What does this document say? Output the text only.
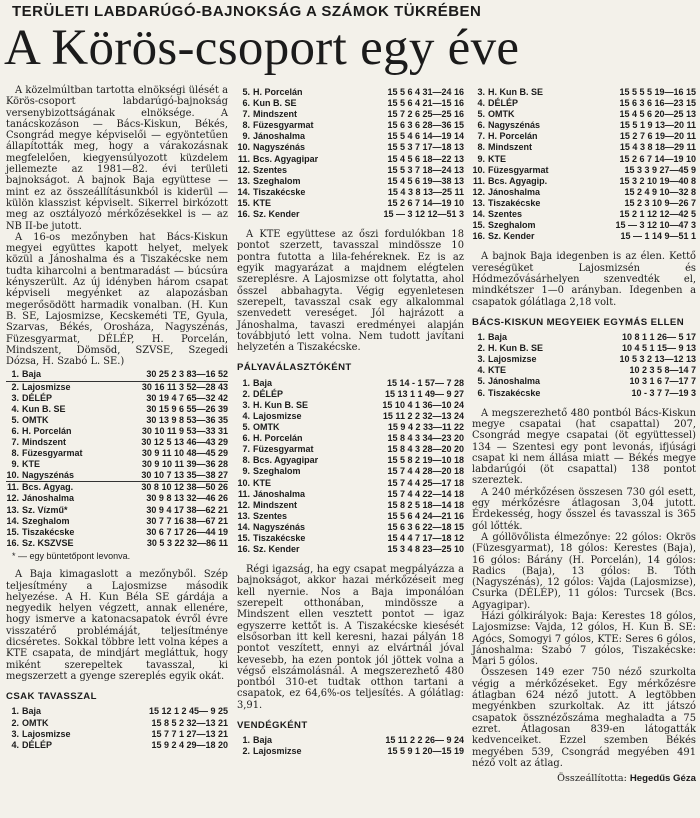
TERÜLETI LABDARÚGÓ-BAJNOKSÁG A SZÁMOK TÜKRÉBEN
A Körös-csoport egy éve

A közelmúltban tartotta elnökségi ülését a Körös-csoport labdarúgó-bajnokság versenybizottságának elnöksége. A tanácskozáson — Bács-Kiskun, Békés, Csongrád megye képviselői — egyöntetűen állapították meg, hogy a várakozásnak megfelelően, kiegyensúlyozott küzdelem jellemezte az 1981—82. évi területi bajnokságot. A bajnok Baja együttese — mint ez az összeállításunkból is kiderül — külön klasszist képviselt. Sikerrel birkózott meg az osztályozó mérkőzésekkel is — az NB II-be jutott.

A 16-os mezőnyben hat Bács-Kiskun megyei együttes kapott helyet, melyek közül a Jánoshalma és a Tiszakécske nem tudta kiharcolni a bentmaradást — búcsúra kényszerült. Az új idényben három csapat képviseli megyénket az alapozásban megerősödött harmadik vonalban. (H. Kun B. SE, Lajosmizse, Kecskeméti TE, Gyula, Szarvas, Békés, Orosháza, Nagyszénás, Füzesgyarmat, DÉLÉP, H. Porcelán, Mindszent, Dömsöd, SZVSE, Szegedi Dózsa, H. Szabó L. SE.)

1.	Baja	30 25 2 3 83—16 52
2.	Lajosmizse	30 16 11 3 52—28 43
3.	DÉLÉP	30 19 4 7 65—32 42
4.	Kun B. SE	30 15 9 6 55—26 39
5.	OMTK	30 13 9 8 53—36 35
6.	H. Porcelán	30 10 11 9 53—33 31
7.	Mindszent	30 12 5 13 46—43 29
8.	Füzesgyarmat	30 9 11 10 48—45 29
9.	KTE	30 9 10 11 39—36 28
10.	Nagyszénás	30 10 7 13 35—38 27
11.	Bcs. Agyag.	30 8 10 12 38—50 26
12.	Jánoshalma	30 9 8 13 32—46 26
13.	Sz. Vízmű*	30 9 4 17 38—62 21
14.	Szeghalom	30 7 7 16 38—67 21
15.	Tiszakécske	30 6 7 17 26—44 19
16.	Sz. KSZVSE	30 5 3 22 32—86 11
* — egy büntetőpont levonva.

A Baja kimagaslott a mezőnyből. Szép teljesítmény a Lajosmizse második helyezése. A H. Kun Béla SE gárdája a negyedik helyen végzett, annak ellenére, hogy ismerve a katonacsapatok évről évre visszatérő problémáját, teljesítménye dicséretes. Sokkal többre lett volna képes a KTE csapata, de mindjárt megláttuk, hogy miként szerepeltek tavasszal, ki megszerzett a gyenge szereplés egyik okát.

CSAK TAVASSZAL
1.	Baja	15 12 1 2 45— 9 25
2.	OMTK	15 8 5 2 32—13 21
3.	Lajosmizse	15 7 7 1 27—13 21
4.	DÉLÉP	15 9 2 4 29—18 20
5.	H. Porcelán	15 5 6 4 31—24 16
6.	Kun B. SE	15 5 6 4 21—15 16
7.	Mindszent	15 7 2 6 25—25 16
8.	Füzesgyarmat	15 6 3 6 28—36 15
9.	Jánoshalma	15 5 4 6 14—19 14
10.	Nagyszénás	15 5 3 7 17—18 13
11.	Bcs. Agyagipar	15 4 5 6 18—22 13
12.	Szentes	15 5 3 7 18—24 13
13.	Szeghalom	15 4 5 6 19—38 13
14.	Tiszakécske	15 4 3 8 13—25 11
15.	KTE	15 2 6 7 14—19 10
16.	Sz. Kender	15 — 3 12 12—51 3

A KTE együttese az őszi fordulókban 18 pontot szerzett, tavasszal mindössze 10 pontra futotta a lila-fehéreknek. Ez is az egyik magyarázat a majdnem elégtelen szereplésre. A Lajosmizse ott folytatta, ahol ősszel abbahagyta. Végig egyenletesen szerepelt, tavasszal csak egy alkalommal szenvedett vereséget. Jól hajrázott a Jánoshalma, tavaszi eredményei alapján továbbjutó lett volna. Nem tudott javítani helyzetén a Tiszakécske.

PÁLYAVÁLASZTÓKÉNT
1.	Baja	15 14 - 1 57— 7 28
2.	DÉLÉP	15 13 1 1 49— 9 27
3.	H. Kun B. SE	15 10 4 1 36—10 24
4.	Lajosmizse	15 11 2 2 32—13 24
5.	OMTK	15 9 4 2 33—11 22
6.	H. Porcelán	15 8 4 3 34—23 20
7.	Füzesgyarmat	15 8 4 3 28—20 20
8.	Bcs. Agyagipar	15 5 8 2 19—10 18
9.	Szeghalom	15 7 4 4 28—20 18
10.	KTE	15 7 4 4 25—17 18
11.	Jánoshalma	15 7 4 4 22—14 18
12.	Mindszent	15 8 2 5 18—14 18
13.	Szentes	15 5 6 4 24—21 16
14.	Nagyszénás	15 6 3 6 22—18 15
15.	Tiszakécske	15 4 4 7 17—18 12
16.	Sz. Kender	15 3 4 8 23—25 10

Régi igazság, ha egy csapat megpályázza a bajnokságot, akkor hazai mérkőzéseit meg kell nyernie. Nos a Baja imponálóan szerepelt otthonában, mindössze a Mindszent ellen vesztett pontot — igaz egyszerre kettőt is. A Tiszakécske kiesését elsősorban itt kell keresni, hazai pályán 18 pontot veszített, ennyi az elvártnál jóval kevesebb, ha ezen pontok jól jöttek volna a végső elszámolásnál. A megszerezhető 480 pontból 310-et tudtak otthon tartani a csapatok, ez 64,6%-os teljesítés. A gólátlag: 3,91.

VENDÉGKÉNT
1.	Baja	15 11 2 2 26— 9 24
2.	Lajosmizse	15 5 9 1 20—15 19
3.	H. Kun B. SE	15 5 5 5 19—16 15
4.	DÉLÉP	15 6 3 6 16—23 15
5.	OMTK	15 4 5 6 20—25 13
6.	Nagyszénás	15 5 1 9 13—20 11
7.	H. Porcelán	15 2 7 6 19—20 11
8.	Mindszent	15 4 3 8 18—29 11
9.	KTE	15 2 6 7 14—19 10
10.	Füzesgyarmat	15 3 3 9 27—45 9
11.	Bcs. Agyagip.	15 3 2 10 19—40 8
12.	Jánoshalma	15 2 4 9 10—32 8
13.	Tiszakécske	15 2 3 10 9—26 7
14.	Szentes	15 2 1 12 12—42 5
15.	Szeghalom	15 — 3 12 10—47 3
16.	Sz. Kender	15 — 1 14 9—51 1

A bajnok Baja idegenben is az élen. Kettő vereségüket Lajosmizsén és Hódmezővásárhelyen szenvedték el, mindkétszer 1—0 arányban. Idegenben a csapatok gólátlaga 2,18 volt.

BÁCS-KISKUN MEGYEIEK EGYMÁS ELLEN
1.	Baja	10 8 1 1 26— 5 17
2.	H. Kun B. SE	10 4 5 1 15— 9 13
3.	Lajosmizse	10 5 3 2 13—12 13
4.	KTE	10 2 3 5 8—14 7
5.	Jánoshalma	10 3 1 6 7—17 7
6.	Tiszakécske	10 - 3 7 7—19 3

A megszerezhető 480 pontból Bács-Kiskun megye csapatai (hat csapattal) 207, Csongrád megye csapatai (öt együttessel) 134 — Szentesi egy pont levonás, ifjúsági csapat ki nem állása miatt — Békés megye labdarúgói (öt csapattal) 138 pontot szereztek.

A 240 mérkőzésen összesen 730 gól esett, egy mérkőzésre átlagosan 3,04 jutott. Érdekesség, hogy ősszel és tavasszal is 365 gól lőtték.

A góllövőlista élmezőnye: 22 gólos: Okrös (Füzesgyarmat), 18 gólos: Kerestes (Baja), 16 gólos: Bárány (H. Porcelán), 14 gólos: Radics (Baja), 13 gólos: B. Tóth (Nagyszénás), 12 gólos: Vajda (Lajosmizse), Csurka (DÉLÉP), 11 gólos: Turcsek (Bcs. Agyagipar).

Házi gólkirályok: Baja: Kerestes 18 gólos, Lajosmizse: Vajda, 12 gólos, H. Kun B. SE: Agócs, Somogyi 7 gólos, KTE: Seres 6 gólos, Jánoshalma: Szabó 7 gólos, Tiszakécske: Mari 5 gólos.

Összesen 149 ezer 750 néző szurkolta végig a mérkőzéseket. Egy mérkőzésre átlagban 624 néző jutott. A legtöbben megyénkben szurkoltak. Az itt játszó csapatok össznézőszáma meghaladta a 75 ezret. Átlagosan 839-en látogatták kedvenceiket. Ezzel szemben Békés megyében 539, Csongrád megyében 491 néző volt az átlag.

Összeállította: Hegedűs Géza
